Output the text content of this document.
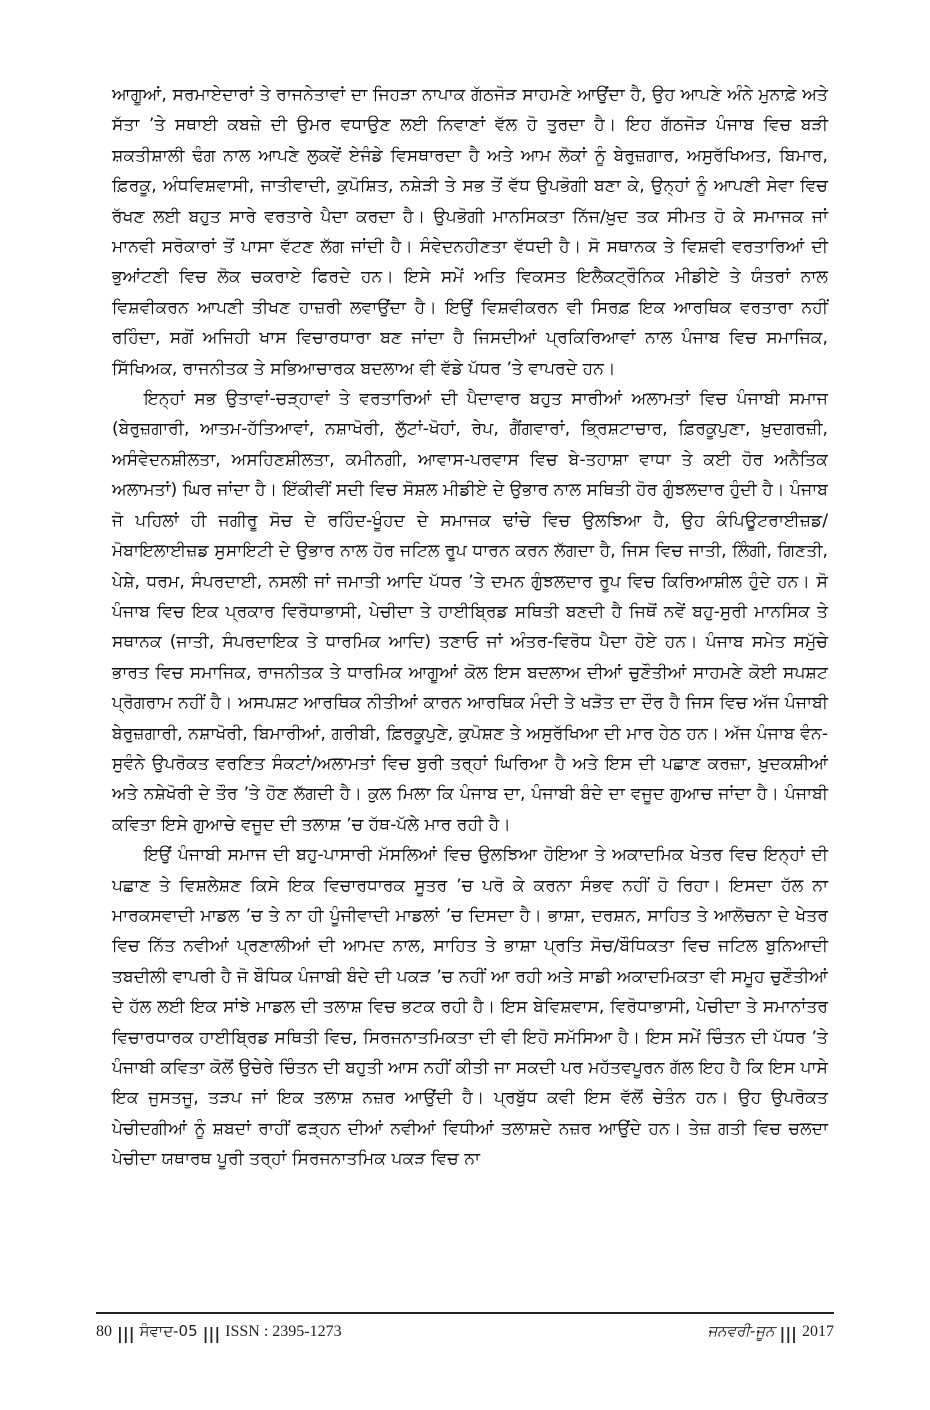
ਆਗੂਆਂ, ਸਰਮਾਏਦਾਰਾਂ ਤੇ ਰਾਜਨੇਤਾਵਾਂ ਦਾ ਜਿਹੜਾ ਨਾਪਾਕ ਗੱਠਜੋੜ ਸਾਹਮਣੇ ਆਉਂਦਾ ਹੈ, ਉਹ ਆਪਣੇ ਅੰਨੇ ਮੁਨਾਫ਼ੇ ਅਤੇ ਸੱਤਾ ’ਤੇ ਸਥਾਈ ਕਬਜ਼ੇ ਦੀ ਉਮਰ ਵਧਾਉਣ ਲਈ ਨਿਵਾਣਾਂ ਵੱਲ ਹੋ ਤੁਰਦਾ ਹੈ। ਇਹ ਗੱਠਜੋੜ ਪੰਜਾਬ ਵਿਚ ਬੜੀ ਸ਼ਕਤੀਸ਼ਾਲੀ ਢੰਗ ਨਾਲ ਆਪਣੇ ਲੁਕਵੇਂ ਏਜੰਡੇ ਵਿਸਥਾਰਦਾ ਹੈ ਅਤੇ ਆਮ ਲੋਕਾਂ ਨੂੰ ਬੇਰੁਜ਼ਗਾਰ, ਅਸੁਰੱਖਿਅਤ, ਬਿਮਾਰ, ਫ਼ਿਰਕੂ, ਅੰਧਵਿਸ਼ਵਾਸੀ, ਜਾਤੀਵਾਦੀ, ਕੁਪੋਸ਼ਿਤ, ਨਸ਼ੇੜੀ ਤੇ ਸਭ ਤੋਂ ਵੱਧ ਉਪਭੋਗੀ ਬਣਾ ਕੇ, ਉਨ੍ਹਾਂ ਨੂੰ ਆਪਣੀ ਸੇਵਾ ਵਿਚ ਰੱਖਣ ਲਈ ਬਹੁਤ ਸਾਰੇ ਵਰਤਾਰੇ ਪੈਦਾ ਕਰਦਾ ਹੈ। ਉਪਭੋਗੀ ਮਾਨਸਿਕਤਾ ਨਿੱਜ/ਖ਼ੁਦ ਤਕ ਸੀਮਤ ਹੋ ਕੇ ਸਮਾਜਕ ਜਾਂ ਮਾਨਵੀ ਸਰੋਕਾਰਾਂ ਤੋਂ ਪਾਸਾ ਵੱਟਣ ਲੱਗ ਜਾਂਦੀ ਹੈ। ਸੰਵੇਦਨਹੀਣਤਾ ਵੱਧਦੀ ਹੈ। ਸੋ ਸਥਾਨਕ ਤੇ ਵਿਸ਼ਵੀ ਵਰਤਾਰਿਆਂ ਦੀ ਭੁਆਂਟਣੀ ਵਿਚ ਲੋਕ ਚਕਰਾਏ ਫਿਰਦੇ ਹਨ। ਇਸੇ ਸਮੇਂ ਅਤਿ ਵਿਕਸਤ ਇਲੈਕਟ੍ਰੌਨਿਕ ਮੀਡੀਏ ਤੇ ਯੰਤਰਾਂ ਨਾਲ ਵਿਸ਼ਵੀਕਰਨ ਆਪਣੀ ਤੀਖਣ ਹਾਜ਼ਰੀ ਲਵਾਉਂਦਾ ਹੈ। ਇਉਂ ਵਿਸ਼ਵੀਕਰਨ ਵੀ ਸਿਰਫ਼ ਇਕ ਆਰਥਿਕ ਵਰਤਾਰਾ ਨਹੀਂ ਰਹਿੰਦਾ, ਸਗੋਂ ਅਜਿਹੀ ਖਾਸ ਵਿਚਾਰਧਾਰਾ ਬਣ ਜਾਂਦਾ ਹੈ ਜਿਸਦੀਆਂ ਪ੍ਰਕਿਰਿਆਵਾਂ ਨਾਲ ਪੰਜਾਬ ਵਿਚ ਸਮਾਜਿਕ, ਸਿੱਖਿਅਕ, ਰਾਜਨੀਤਕ ਤੇ ਸਭਿਆਚਾਰਕ ਬਦਲਾਅ ਵੀ ਵੱਡੇ ਪੱਧਰ ’ਤੇ ਵਾਪਰਦੇ ਹਨ।

ਇਨ੍ਹਾਂ ਸਭ ਉਤਾਵਾਂ-ਚੜ੍ਹਾਵਾਂ ਤੇ ਵਰਤਾਰਿਆਂ ਦੀ ਪੈਦਾਵਾਰ ਬਹੁਤ ਸਾਰੀਆਂ ਅਲਾਮਤਾਂ ਵਿਚ ਪੰਜਾਬੀ ਸਮਾਜ (ਬੇਰੁਜ਼ਗਾਰੀ, ਆਤਮ-ਹੱਤਿਆਵਾਂ, ਨਸ਼ਾਖੋਰੀ, ਲੁੱਟਾਂ-ਖੋਹਾਂ, ਰੇਪ, ਗੈਂਗਵਾਰਾਂ, ਭ੍ਰਿਸ਼ਟਾਚਾਰ, ਫ਼ਿਰਕੂਪੁਣਾ, ਖ਼ੁਦਗਰਜ਼ੀ, ਅਸੰਵੇਦਨਸ਼ੀਲਤਾ, ਅਸਹਿਣਸ਼ੀਲਤਾ, ਕਮੀਨਗੀ, ਆਵਾਸ-ਪਰਵਾਸ ਵਿਚ ਬੇ-ਤਹਾਸ਼ਾ ਵਾਧਾ ਤੇ ਕਈ ਹੋਰ ਅਨੈਤਿਕ ਅਲਾਮਤਾਂ) ਘਿਰ ਜਾਂਦਾ ਹੈ। ਇੱਕੀਵੀਂ ਸਦੀ ਵਿਚ ਸੋਸ਼ਲ ਮੀਡੀਏ ਦੇ ਉਭਾਰ ਨਾਲ ਸਥਿਤੀ ਹੋਰ ਗੁੰਝਲਦਾਰ ਹੁੰਦੀ ਹੈ। ਪੰਜਾਬ ਜੋ ਪਹਿਲਾਂ ਹੀ ਜਗੀਰੂ ਸੋਚ ਦੇ ਰਹਿੰਦ-ਖੂੰਹਦ ਦੇ ਸਮਾਜਕ ਢਾਂਚੇ ਵਿਚ ਉਲਝਿਆ ਹੈ, ਉਹ ਕੰਪਿਊਟਰਾਈਜ਼ਡ/ਮੋਬਾਇਲਾਈਜ਼ਡ ਸੁਸਾਇਟੀ ਦੇ ਉਭਾਰ ਨਾਲ ਹੋਰ ਜਟਿਲ ਰੂਪ ਧਾਰਨ ਕਰਨ ਲੱਗਦਾ ਹੈ, ਜਿਸ ਵਿਚ ਜਾਤੀ, ਲਿੰਗੀ, ਗਿਣਤੀ, ਪੇਸ਼ੇ, ਧਰਮ, ਸੰਪਰਦਾਈ, ਨਸਲੀ ਜਾਂ ਜਮਾਤੀ ਆਦਿ ਪੱਧਰ ’ਤੇ ਦਮਨ ਗੁੰਝਲਦਾਰ ਰੂਪ ਵਿਚ ਕਿਰਿਆਸ਼ੀਲ ਹੁੰਦੇ ਹਨ। ਸੋ ਪੰਜਾਬ ਵਿਚ ਇਕ ਪ੍ਰਕਾਰ ਵਿਰੋਧਾਭਾਸੀ, ਪੇਚੀਦਾ ਤੇ ਹਾਈਬ੍ਰਿਡ ਸਥਿਤੀ ਬਣਦੀ ਹੈ ਜਿਥੋਂ ਨਵੇਂ ਬਹੁ-ਸੁਰੀ ਮਾਨਸਿਕ ਤੇ ਸਥਾਨਕ (ਜਾਤੀ, ਸੰਪਰਦਾਇਕ ਤੇ ਧਾਰਮਿਕ ਆਦਿ) ਤਣਾਓ ਜਾਂ ਅੰਤਰ-ਵਿਰੋਧ ਪੈਦਾ ਹੋਏ ਹਨ। ਪੰਜਾਬ ਸਮੇਤ ਸਮੁੱਚੇ ਭਾਰਤ ਵਿਚ ਸਮਾਜਿਕ, ਰਾਜਨੀਤਕ ਤੇ ਧਾਰਮਿਕ ਆਗੂਆਂ ਕੋਲ ਇਸ ਬਦਲਾਅ ਦੀਆਂ ਚੁਣੌਤੀਆਂ ਸਾਹਮਣੇ ਕੋਈ ਸਪਸ਼ਟ ਪ੍ਰੋਗਰਾਮ ਨਹੀਂ ਹੈ। ਅਸਪਸ਼ਟ ਆਰਥਿਕ ਨੀਤੀਆਂ ਕਾਰਨ ਆਰਥਿਕ ਮੰਦੀ ਤੇ ਖੜੋਤ ਦਾ ਦੌਰ ਹੈ ਜਿਸ ਵਿਚ ਅੱਜ ਪੰਜਾਬੀ ਬੇਰੁਜ਼ਗਾਰੀ, ਨਸ਼ਾਖੋਰੀ, ਬਿਮਾਰੀਆਂ, ਗਰੀਬੀ, ਫ਼ਿਰਕੂਪੁਣੇ, ਕੁਪੋਸ਼ਣ ਤੇ ਅਸੁਰੱਖਿਆ ਦੀ ਮਾਰ ਹੇਠ ਹਨ। ਅੱਜ ਪੰਜਾਬ ਵੰਨ-ਸੁਵੰਨੇ ਉਪਰੋਕਤ ਵਰਣਿਤ ਸੰਕਟਾਂ/ਅਲਾਮਤਾਂ ਵਿਚ ਬੁਰੀ ਤਰ੍ਹਾਂ ਘਿਰਿਆ ਹੈ ਅਤੇ ਇਸ ਦੀ ਪਛਾਣ ਕਰਜ਼ਾ, ਖ਼ੁਦਕਸ਼ੀਆਂ ਅਤੇ ਨਸ਼ੇਖੋਰੀ ਦੇ ਤੌਰ ’ਤੇ ਹੋਣ ਲੱਗਦੀ ਹੈ। ਕੁਲ ਮਿਲਾ ਕਿ ਪੰਜਾਬ ਦਾ, ਪੰਜਾਬੀ ਬੰਦੇ ਦਾ ਵਜੂਦ ਗੁਆਚ ਜਾਂਦਾ ਹੈ। ਪੰਜਾਬੀ ਕਵਿਤਾ ਇਸੇ ਗੁਆਚੇ ਵਜੂਦ ਦੀ ਤਲਾਸ਼ ’ਚ ਹੱਥ-ਪੱਲੇ ਮਾਰ ਰਹੀ ਹੈ।

ਇਉਂ ਪੰਜਾਬੀ ਸਮਾਜ ਦੀ ਬਹੁ-ਪਾਸਾਰੀ ਮੱਸਲਿਆਂ ਵਿਚ ਉਲਝਿਆ ਹੋਇਆ ਤੇ ਅਕਾਦਮਿਕ ਖੇਤਰ ਵਿਚ ਇਨ੍ਹਾਂ ਦੀ ਪਛਾਣ ਤੇ ਵਿਸ਼ਲੇਸ਼ਣ ਕਿਸੇ ਇਕ ਵਿਚਾਰਧਾਰਕ ਸੂਤਰ ’ਚ ਪਰੋ ਕੇ ਕਰਨਾ ਸੰਭਵ ਨਹੀਂ ਹੋ ਰਿਹਾ। ਇਸਦਾ ਹੱਲ ਨਾ ਮਾਰਕਸਵਾਦੀ ਮਾਡਲ ’ਚ ਤੇ ਨਾ ਹੀ ਪੂੰਜੀਵਾਦੀ ਮਾਡਲਾਂ ’ਚ ਦਿਸਦਾ ਹੈ। ਭਾਸ਼ਾ, ਦਰਸ਼ਨ, ਸਾਹਿਤ ਤੇ ਆਲੋਚਨਾ ਦੇ ਖੇਤਰ ਵਿਚ ਨਿੱਤ ਨਵੀਆਂ ਪ੍ਰਣਾਲੀਆਂ ਦੀ ਆਮਦ ਨਾਲ, ਸਾਹਿਤ ਤੇ ਭਾਸ਼ਾ ਪ੍ਰਤਿ ਸੋਚ/ਬੌਧਿਕਤਾ ਵਿਚ ਜਟਿਲ ਬੁਨਿਆਦੀ ਤਬਦੀਲੀ ਵਾਪਰੀ ਹੈ ਜੋ ਬੌਧਿਕ ਪੰਜਾਬੀ ਬੰਦੇ ਦੀ ਪਕੜ ’ਚ ਨਹੀਂ ਆ ਰਹੀ ਅਤੇ ਸਾਡੀ ਅਕਾਦਮਿਕਤਾ ਵੀ ਸਮੂਹ ਚੁਣੌਤੀਆਂ ਦੇ ਹੱਲ ਲਈ ਇਕ ਸਾਂਝੇ ਮਾਡਲ ਦੀ ਤਲਾਸ਼ ਵਿਚ ਭਟਕ ਰਹੀ ਹੈ। ਇਸ ਬੇਵਿਸ਼ਵਾਸ, ਵਿਰੋਧਾਭਾਸੀ, ਪੇਚੀਦਾ ਤੇ ਸਮਾਨਾਂਤਰ ਵਿਚਾਰਧਾਰਕ ਹਾਈਬ੍ਰਿਡ ਸਥਿਤੀ ਵਿਚ, ਸਿਰਜਨਾਤਮਿਕਤਾ ਦੀ ਵੀ ਇਹੋ ਸਮੱਸਿਆ ਹੈ। ਇਸ ਸਮੇਂ ਚਿੰਤਨ ਦੀ ਪੱਧਰ ’ਤੇ ਪੰਜਾਬੀ ਕਵਿਤਾ ਕੋਲੋਂ ਉਚੇਰੇ ਚਿੰਤਨ ਦੀ ਬਹੁਤੀ ਆਸ ਨਹੀਂ ਕੀਤੀ ਜਾ ਸਕਦੀ ਪਰ ਮਹੱਤਵਪੂਰਨ ਗੱਲ ਇਹ ਹੈ ਕਿ ਇਸ ਪਾਸੇ ਇਕ ਜੁਸਤਜੂ, ਤੜਪ ਜਾਂ ਇਕ ਤਲਾਸ਼ ਨਜ਼ਰ ਆਉਂਦੀ ਹੈ। ਪ੍ਰਬੁੱਧ ਕਵੀ ਇਸ ਵੱਲੋਂ ਚੇਤੰਨ ਹਨ। ਉਹ ਉਪਰੋਕਤ ਪੇਚੀਦਗੀਆਂ ਨੂੰ ਸ਼ਬਦਾਂ ਰਾਹੀਂ ਫੜ੍ਹਨ ਦੀਆਂ ਨਵੀਆਂ ਵਿਧੀਆਂ ਤਲਾਸ਼ਦੇ ਨਜ਼ਰ ਆਉਂਦੇ ਹਨ। ਤੇਜ਼ ਗਤੀ ਵਿਚ ਚਲਦਾ ਪੇਚੀਦਾ ਯਥਾਰਥ ਪੂਰੀ ਤਰ੍ਹਾਂ ਸਿਰਜਨਾਤਮਿਕ ਪਕੜ ਵਿਚ ਨਾ

80 ||| ਸੰਵਾਦ-05 ||| ISSN : 2395-1273	ਜਨਵਰੀ-ਜੂਨ ||| 2017
